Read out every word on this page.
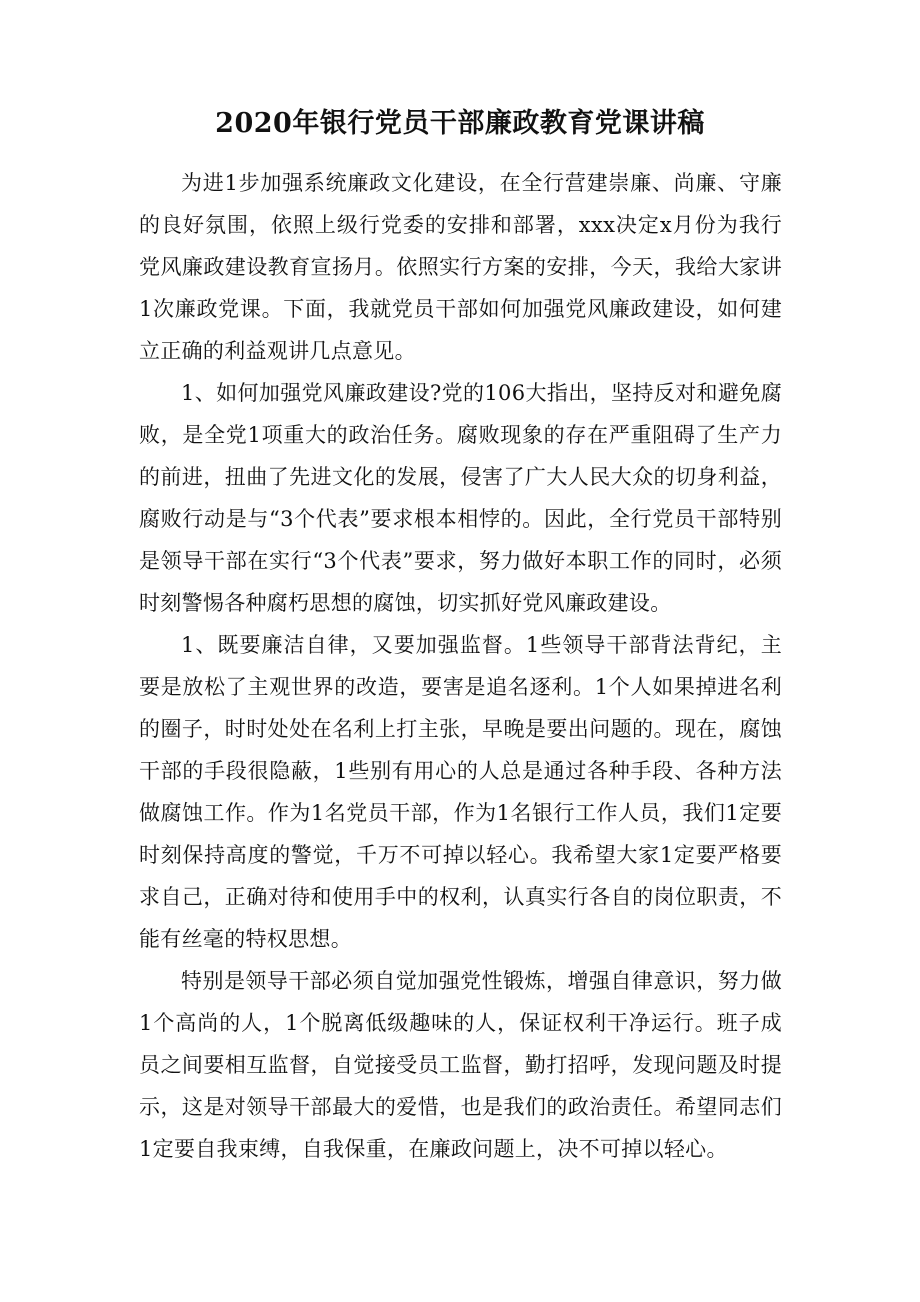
2020年银行党员干部廉政教育党课讲稿

为进1步加强系统廉政文化建设，在全行营建崇廉、尚廉、守廉的良好氛围，依照上级行党委的安排和部署，xxx决定x月份为我行党风廉政建设教育宣扬月。依照实行方案的安排，今天，我给大家讲1次廉政党课。下面，我就党员干部如何加强党风廉政建设，如何建立正确的利益观讲几点意见。

1、如何加强党风廉政建设?党的106大指出，坚持反对和避免腐败，是全党1项重大的政治任务。腐败现象的存在严重阻碍了生产力的前进，扭曲了先进文化的发展，侵害了广大人民大众的切身利益，腐败行动是与“3个代表”要求根本相悖的。因此，全行党员干部特别是领导干部在实行“3个代表”要求，努力做好本职工作的同时，必须时刻警惕各种腐朽思想的腐蚀，切实抓好党风廉政建设。

1、既要廉洁自律，又要加强监督。1些领导干部背法背纪，主要是放松了主观世界的改造，要害是追名逐利。1个人如果掉进名利的圈子，时时处处在名利上打主张，早晚是要出问题的。现在，腐蚀干部的手段很隐蔽，1些别有用心的人总是通过各种手段、各种方法做腐蚀工作。作为1名党员干部，作为1名银行工作人员，我们1定要时刻保持高度的警觉，千万不可掉以轻心。我希望大家1定要严格要求自己，正确对待和使用手中的权利，认真实行各自的岗位职责，不能有丝毫的特权思想。

特别是领导干部必须自觉加强党性锻炼，增强自律意识，努力做1个高尚的人，1个脱离低级趣味的人，保证权利干净运行。班子成员之间要相互监督，自觉接受员工监督，勤打招呼，发现问题及时提示，这是对领导干部最大的爱惜，也是我们的政治责任。希望同志们1定要自我束缚，自我保重，在廉政问题上，决不可掉以轻心。
